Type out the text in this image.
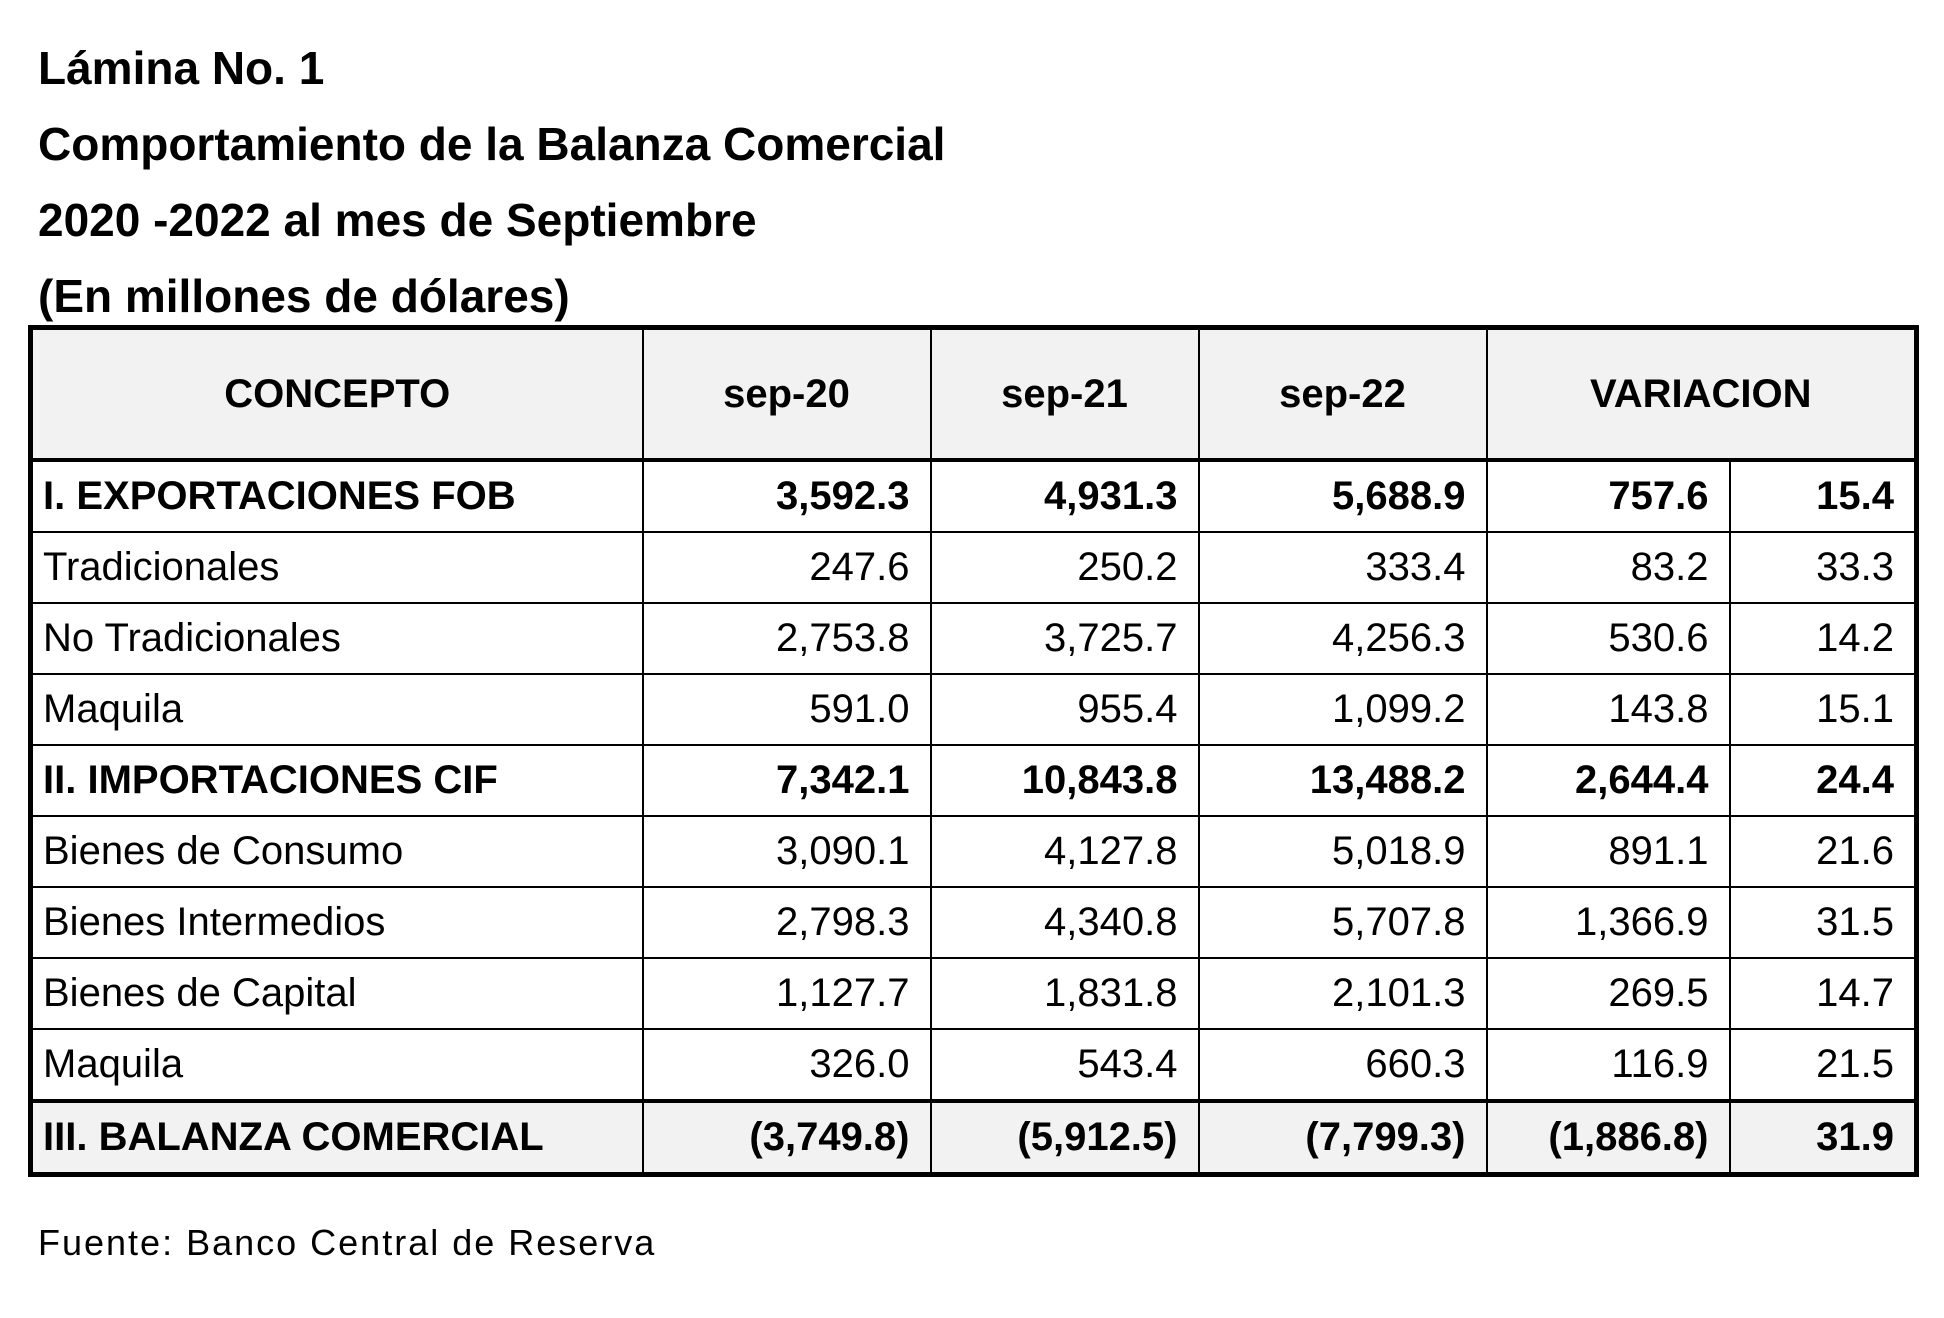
Lámina No. 1
Comportamiento de la Balanza Comercial
2020 -2022 al mes de Septiembre
(En millones de dólares)
CONCEPTO	sep-20	sep-21	sep-22	VARIACION	
I. EXPORTACIONES FOB	3,592.3	4,931.3	5,688.9	757.6	15.4
Tradicionales	247.6	250.2	333.4	83.2	33.3
No Tradicionales	2,753.8	3,725.7	4,256.3	530.6	14.2
Maquila	591.0	955.4	1,099.2	143.8	15.1
II. IMPORTACIONES CIF	7,342.1	10,843.8	13,488.2	2,644.4	24.4
Bienes de Consumo	3,090.1	4,127.8	5,018.9	891.1	21.6
Bienes Intermedios	2,798.3	4,340.8	5,707.8	1,366.9	31.5
Bienes de Capital	1,127.7	1,831.8	2,101.3	269.5	14.7
Maquila	326.0	543.4	660.3	116.9	21.5
III. BALANZA COMERCIAL	(3,749.8)	(5,912.5)	(7,799.3)	(1,886.8)	31.9
Fuente: Banco Central de Reserva
